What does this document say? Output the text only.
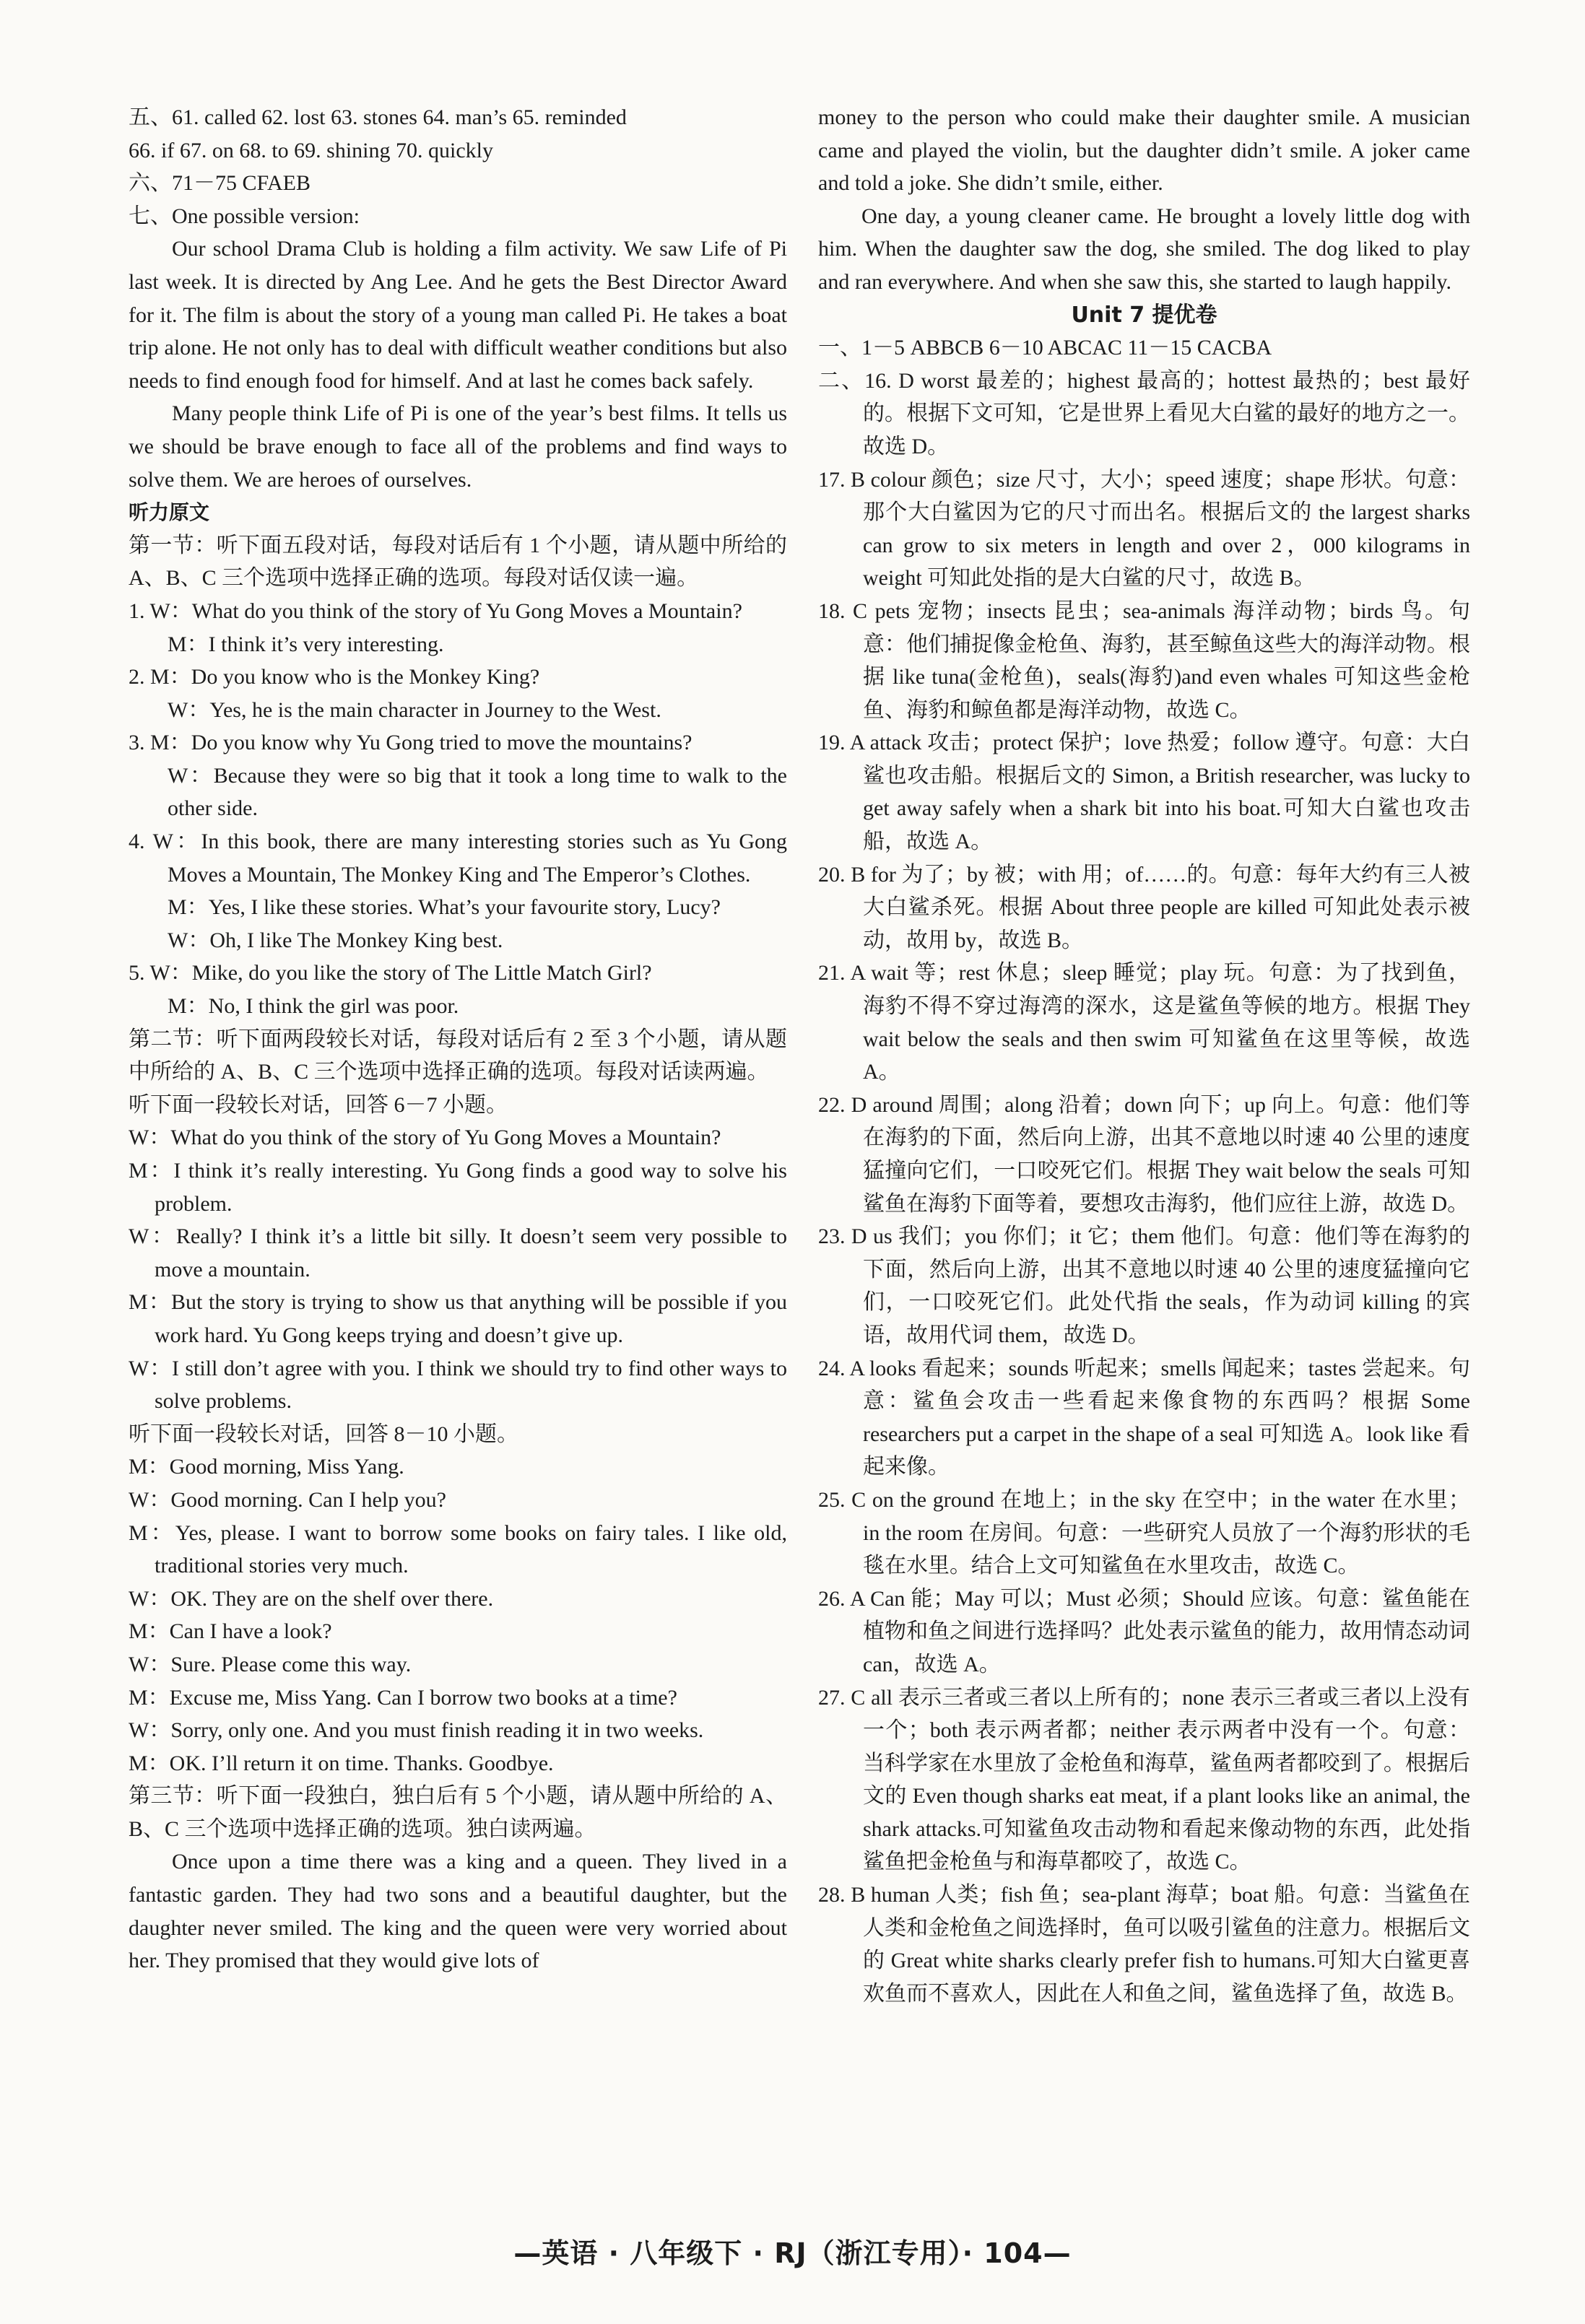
五、61. called 62. lost 63. stones 64. man’s 65. reminded

66. if 67. on 68. to 69. shining 70. quickly

六、71－75 CFAEB

七、One possible version:

Our school Drama Club is holding a film activity. We saw Life of Pi last week. It is directed by Ang Lee. And he gets the Best Director Award for it. The film is about the story of a young man called Pi. He takes a boat trip alone. He not only has to deal with difficult weather conditions but also needs to find enough food for himself. And at last he comes back safely.

Many people think Life of Pi is one of the year’s best films. It tells us we should be brave enough to face all of the problems and find ways to solve them. We are heroes of ourselves.

听力原文

第一节：听下面五段对话，每段对话后有 1 个小题，请从题中所给的 A、B、C 三个选项中选择正确的选项。每段对话仅读一遍。

1. W：What do you think of the story of Yu Gong Moves a Mountain?

M：I think it’s very interesting.

2. M：Do you know who is the Monkey King?

W：Yes, he is the main character in Journey to the West.

3. M：Do you know why Yu Gong tried to move the mountains?

W：Because they were so big that it took a long time to walk to the other side.

4. W：In this book, there are many interesting stories such as Yu Gong Moves a Mountain, The Monkey King and The Emperor’s Clothes.

M：Yes, I like these stories. What’s your favourite story, Lucy?

W：Oh, I like The Monkey King best.

5. W：Mike, do you like the story of The Little Match Girl?

M：No, I think the girl was poor.

第二节：听下面两段较长对话，每段对话后有 2 至 3 个小题，请从题中所给的 A、B、C 三个选项中选择正确的选项。每段对话读两遍。

听下面一段较长对话，回答 6－7 小题。

W：What do you think of the story of Yu Gong Moves a Mountain?

M：I think it’s really interesting. Yu Gong finds a good way to solve his problem.

W：Really? I think it’s a little bit silly. It doesn’t seem very possible to move a mountain.

M：But the story is trying to show us that anything will be possible if you work hard. Yu Gong keeps trying and doesn’t give up.

W：I still don’t agree with you. I think we should try to find other ways to solve problems.

听下面一段较长对话，回答 8－10 小题。

M：Good morning, Miss Yang.

W：Good morning. Can I help you?

M：Yes, please. I want to borrow some books on fairy tales. I like old, traditional stories very much.

W：OK. They are on the shelf over there.

M：Can I have a look?

W：Sure. Please come this way.

M：Excuse me, Miss Yang. Can I borrow two books at a time?

W：Sorry, only one. And you must finish reading it in two weeks.

M：OK. I’ll return it on time. Thanks. Goodbye.

第三节：听下面一段独白，独白后有 5 个小题，请从题中所给的 A、B、C 三个选项中选择正确的选项。独白读两遍。

Once upon a time there was a king and a queen. They lived in a fantastic garden. They had two sons and a beautiful daughter, but the daughter never smiled. The king and the queen were very worried about her. They promised that they would give lots of

money to the person who could make their daughter smile. A musician came and played the violin, but the daughter didn’t smile. A joker came and told a joke. She didn’t smile, either.

One day, a young cleaner came. He brought a lovely little dog with him. When the daughter saw the dog, she smiled. The dog liked to play and ran everywhere. And when she saw this, she started to laugh happily.

Unit 7 提优卷

一、1－5 ABBCB 6－10 ABCAC 11－15 CACBA

二、16. D worst 最差的；highest 最高的；hottest 最热的；best 最好的。根据下文可知，它是世界上看见大白鲨的最好的地方之一。故选 D。

17. B colour 颜色；size 尺寸，大小；speed 速度；shape 形状。句意：那个大白鲨因为它的尺寸而出名。根据后文的 the largest sharks can grow to six meters in length and over 2，000 kilograms in weight 可知此处指的是大白鲨的尺寸，故选 B。

18. C pets 宠物；insects 昆虫；sea-animals 海洋动物；birds 鸟。句意：他们捕捉像金枪鱼、海豹，甚至鲸鱼这些大的海洋动物。根据 like tuna(金枪鱼)，seals(海豹)and even whales 可知这些金枪鱼、海豹和鲸鱼都是海洋动物，故选 C。

19. A attack 攻击；protect 保护；love 热爱；follow 遵守。句意：大白鲨也攻击船。根据后文的 Simon, a British researcher, was lucky to get away safely when a shark bit into his boat.可知大白鲨也攻击船，故选 A。

20. B for 为了；by 被；with 用；of……的。句意：每年大约有三人被大白鲨杀死。根据 About three people are killed 可知此处表示被动，故用 by，故选 B。

21. A wait 等；rest 休息；sleep 睡觉；play 玩。句意：为了找到鱼，海豹不得不穿过海湾的深水，这是鲨鱼等候的地方。根据 They wait below the seals and then swim 可知鲨鱼在这里等候，故选 A。

22. D around 周围；along 沿着；down 向下；up 向上。句意：他们等在海豹的下面，然后向上游，出其不意地以时速 40 公里的速度猛撞向它们，一口咬死它们。根据 They wait below the seals 可知鲨鱼在海豹下面等着，要想攻击海豹，他们应往上游，故选 D。

23. D us 我们；you 你们；it 它；them 他们。句意：他们等在海豹的下面，然后向上游，出其不意地以时速 40 公里的速度猛撞向它们，一口咬死它们。此处代指 the seals，作为动词 killing 的宾语，故用代词 them，故选 D。

24. A looks 看起来；sounds 听起来；smells 闻起来；tastes 尝起来。句意：鲨鱼会攻击一些看起来像食物的东西吗？根据 Some researchers put a carpet in the shape of a seal 可知选 A。look like 看起来像。

25. C on the ground 在地上；in the sky 在空中；in the water 在水里；in the room 在房间。句意：一些研究人员放了一个海豹形状的毛毯在水里。结合上文可知鲨鱼在水里攻击，故选 C。

26. A Can 能；May 可以；Must 必须；Should 应该。句意：鲨鱼能在植物和鱼之间进行选择吗？此处表示鲨鱼的能力，故用情态动词 can，故选 A。

27. C all 表示三者或三者以上所有的；none 表示三者或三者以上没有一个；both 表示两者都；neither 表示两者中没有一个。句意：当科学家在水里放了金枪鱼和海草，鲨鱼两者都咬到了。根据后文的 Even though sharks eat meat, if a plant looks like an animal, the shark attacks.可知鲨鱼攻击动物和看起来像动物的东西，此处指鲨鱼把金枪鱼与和海草都咬了，故选 C。

28. B human 人类；fish 鱼；sea-plant 海草；boat 船。句意：当鲨鱼在人类和金枪鱼之间选择时，鱼可以吸引鲨鱼的注意力。根据后文的 Great white sharks clearly prefer fish to humans.可知大白鲨更喜欢鱼而不喜欢人，因此在人和鱼之间，鲨鱼选择了鱼，故选 B。

—英语 · 八年级下 · RJ（浙江专用）· 104—
